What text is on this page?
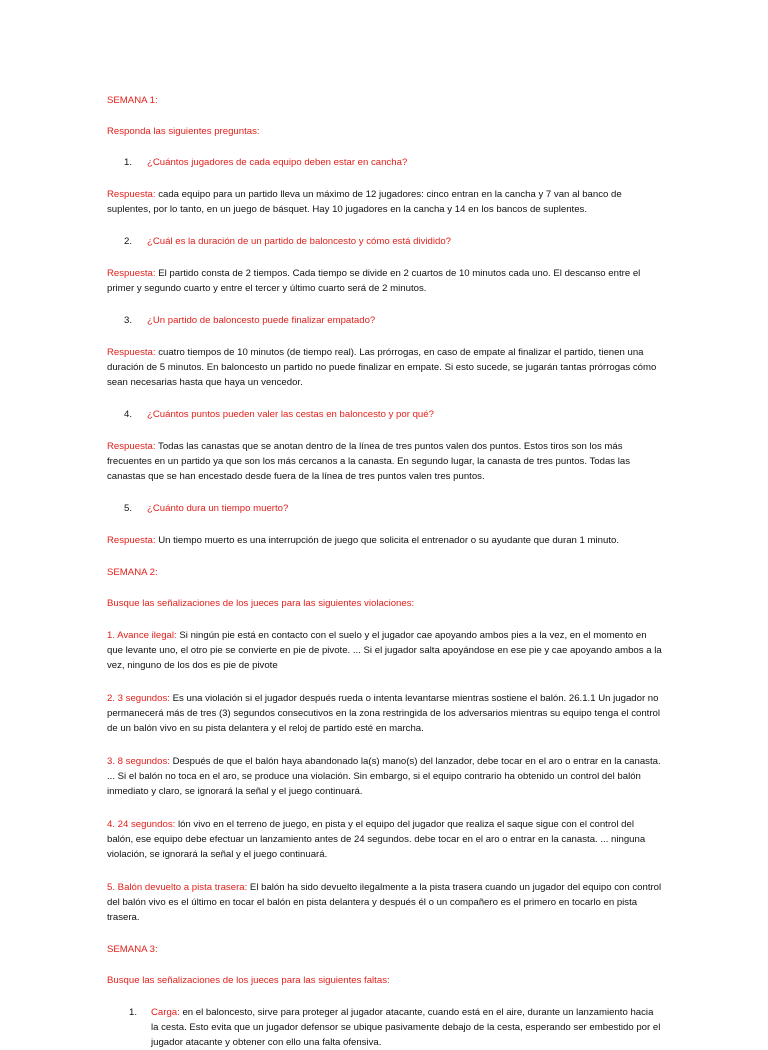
SEMANA 1:

Responda las siguientes preguntas:

1. ¿Cuántos jugadores de cada equipo deben estar en cancha?

Respuesta: cada equipo para un partido lleva un máximo de 12 jugadores: cinco entran en la cancha y 7 van al banco de suplentes, por lo tanto, en un juego de básquet. Hay 10 jugadores en la cancha y 14 en los bancos de suplentes.

2. ¿Cuál es la duración de un partido de baloncesto y cómo está dividido?

Respuesta: El partido consta de 2 tiempos. Cada tiempo se divide en 2 cuartos de 10 minutos cada uno. El descanso entre el primer y segundo cuarto y entre el tercer y último cuarto será de 2 minutos.

3. ¿Un partido de baloncesto puede finalizar empatado?

Respuesta: cuatro tiempos de 10 minutos (de tiempo real). Las prórrogas, en caso de empate al finalizar el partido, tienen una duración de 5 minutos. En baloncesto un partido no puede finalizar en empate. Si esto sucede, se jugarán tantas prórrogas cómo sean necesarias hasta que haya un vencedor.

4. ¿Cuántos puntos pueden valer las cestas en baloncesto y por qué?

Respuesta: Todas las canastas que se anotan dentro de la línea de tres puntos valen dos puntos. Estos tiros son los más frecuentes en un partido ya que son los más cercanos a la canasta. En segundo lugar, la canasta de tres puntos. Todas las canastas que se han encestado desde fuera de la línea de tres puntos valen tres puntos.

5. ¿Cuánto dura un tiempo muerto?

Respuesta: Un tiempo muerto es una interrupción de juego que solicita el entrenador o su ayudante que duran 1 minuto.

SEMANA 2:

Busque las señalizaciones de los jueces para las siguientes violaciones:

1. Avance ilegal: Si ningún pie está en contacto con el suelo y el jugador cae apoyando ambos pies a la vez, en el momento en que levante uno, el otro pie se convierte en pie de pivote. ... Si el jugador salta apoyándose en ese pie y cae apoyando ambos a la vez, ninguno de los dos es pie de pivote

2. 3 segundos: Es una violación si el jugador después rueda o intenta levantarse mientras sostiene el balón. 26.1.1 Un jugador no permanecerá más de tres (3) segundos consecutivos en la zona restringida de los adversarios mientras su equipo tenga el control de un balón vivo en su pista delantera y el reloj de partido esté en marcha.

3. 8 segundos: Después de que el balón haya abandonado la(s) mano(s) del lanzador, debe tocar en el aro o entrar en la canasta. ... Si el balón no toca en el aro, se produce una violación. Sin embargo, si el equipo contrario ha obtenido un control del balón inmediato y claro, se ignorará la señal y el juego continuará.

4. 24 segundos: lón vivo en el terreno de juego, en pista y el equipo del jugador que realiza el saque sigue con el control del balón, ese equipo debe efectuar un lanzamiento antes de 24 segundos. debe tocar en el aro o entrar en la canasta. ... ninguna violación, se ignorará la señal y el juego continuará.

5. Balón devuelto a pista trasera: El balón ha sido devuelto ilegalmente a la pista trasera cuando un jugador del equipo con control del balón vivo es el último en tocar el balón en pista delantera y después él o un compañero es el primero en tocarlo en pista trasera.

SEMANA 3:

Busque las señalizaciones de los jueces para las siguientes faltas:

1. Carga: en el baloncesto, sirve para proteger al jugador atacante, cuando está en el aire, durante un lanzamiento hacia la cesta. Esto evita que un jugador defensor se ubique pasivamente debajo de la cesta, esperando ser embestido por el jugador atacante y obtener con ello una falta ofensiva.
